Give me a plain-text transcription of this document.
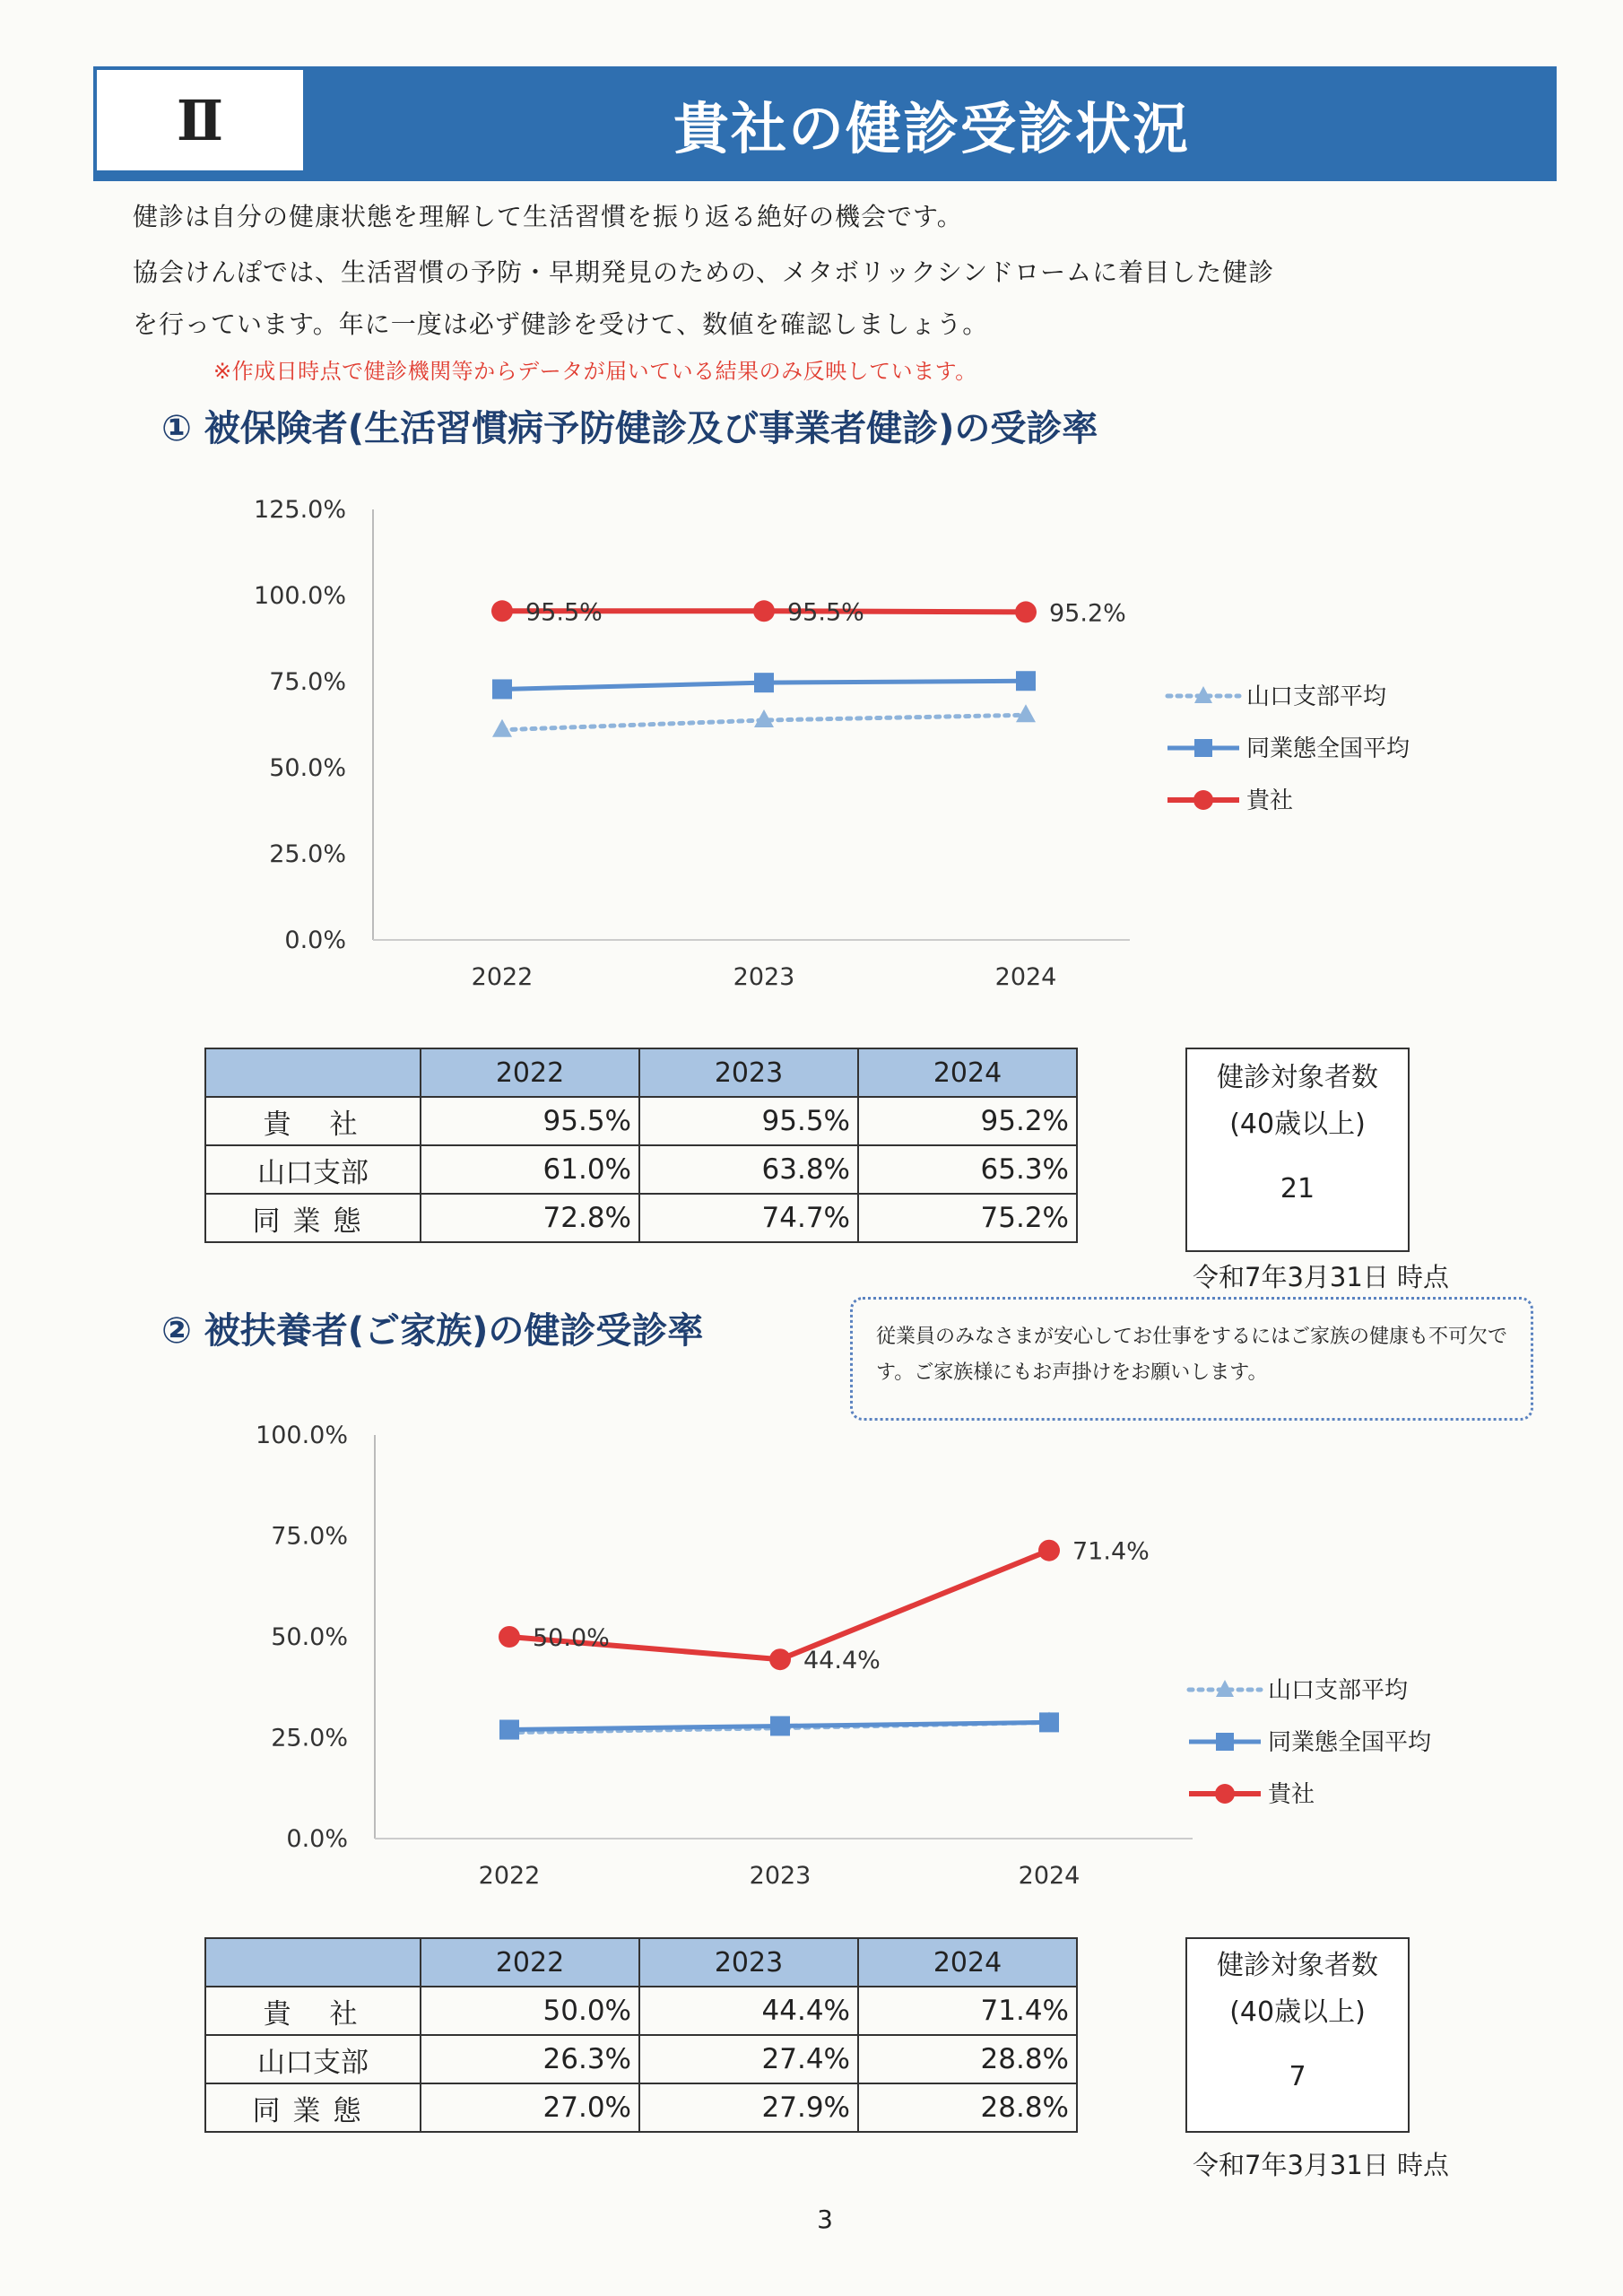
Ⅱ	貴社の健診受診状況
健診は自分の健康状態を理解して生活習慣を振り返る絶好の機会です。
協会けんぽでは、生活習慣の予防・早期発見のための、メタボリックシンドロームに着目した健診
を行っています。年に一度は必ず健診を受けて、数値を確認しましょう。
※作成日時点で健診機関等からデータが届いている結果のみ反映しています。
① 被保険者(生活習慣病予防健診及び事業者健診)の受診率
0.0%
25.0%
50.0%
75.0%
100.0%
125.0%
2022	2023	2024
95.5%	95.5%	95.2%
山口支部平均
同業態全国平均
貴社
0.0%
25.0%
50.0%
75.0%
100.0%
2022	2023	2024
50.0%
44.4%
71.4%
山口支部平均
同業態全国平均
貴社
	2022	2023	2024
貴　社	95.5%	95.5%	95.2%
山口支部	61.0%	63.8%	65.3%
同業態	72.8%	74.7%	75.2%
健診対象者数
(40歳以上)
21
令和7年3月31日 時点
② 被扶養者(ご家族)の健診受診率	従業員のみなさまが安心してお仕事をするにはご家族の健康も不可欠です。ご家族様にもお声掛けをお願いします。
	2022	2023	2024
貴　社	50.0%	44.4%	71.4%
山口支部	26.3%	27.4%	28.8%
同業態	27.0%	27.9%	28.8%
健診対象者数
(40歳以上)
7
令和7年3月31日 時点
3
